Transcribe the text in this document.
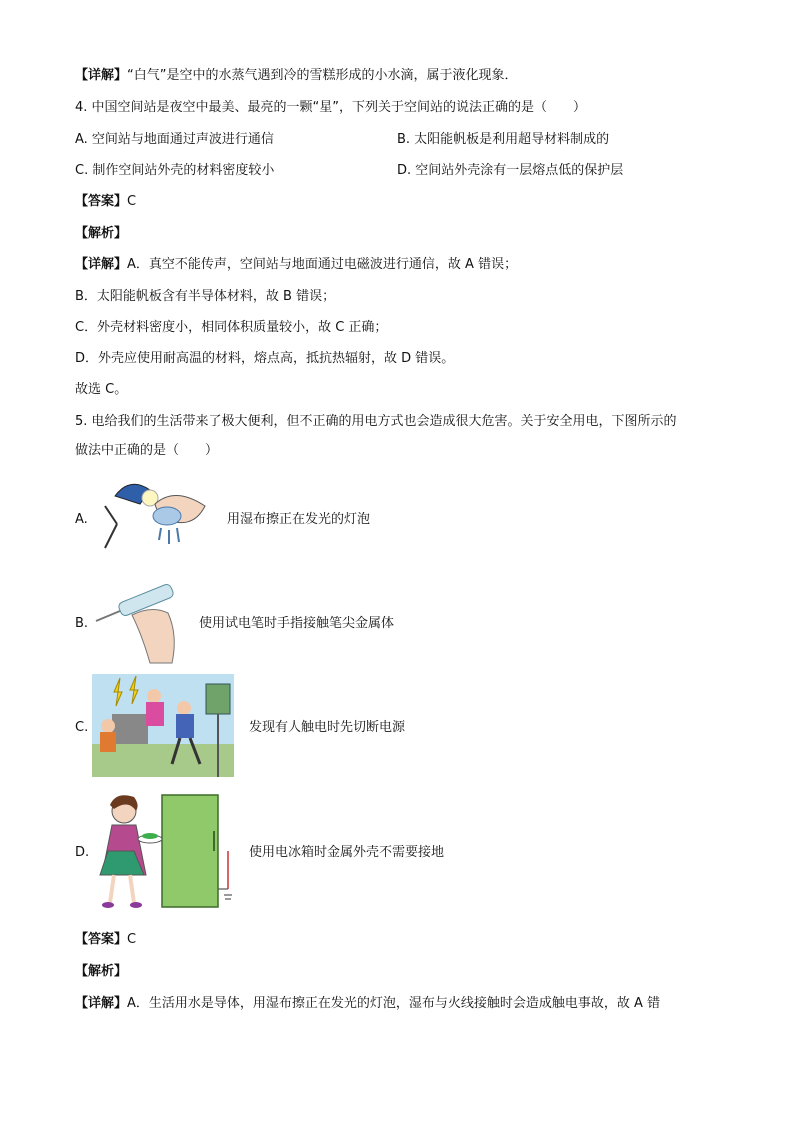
【详解】“白气”是空中的水蒸气遇到冷的雪糕形成的小水滴，属于液化现象．
4. 中国空间站是夜空中最美、最亮的一颗“星”，下列关于空间站的说法正确的是（　　）
A. 空间站与地面通过声波进行通信	B. 太阳能帆板是利用超导材料制成的
C. 制作空间站外壳的材料密度较小	D. 空间站外壳涂有一层熔点低的保护层
【答案】C
【解析】
【详解】A．真空不能传声，空间站与地面通过电磁波进行通信，故 A 错误；
B．太阳能帆板含有半导体材料，故 B 错误；
C．外壳材料密度小，相同体积质量较小，故 C 正确；
D．外壳应使用耐高温的材料，熔点高，抵抗热辐射，故 D 错误。
故选 C。
5. 电给我们的生活带来了极大便利，但不正确的用电方式也会造成很大危害。关于安全用电，下图所示的
做法中正确的是（　　）
A.	用湿布擦正在发光的灯泡
B.	使用试电笔时手指接触笔尖金属体
C.	发现有人触电时先切断电源
D.	使用电冰箱时金属外壳不需要接地
【答案】C
【解析】
【详解】A．生活用水是导体，用湿布擦正在发光的灯泡，湿布与火线接触时会造成触电事故，故 A 错
